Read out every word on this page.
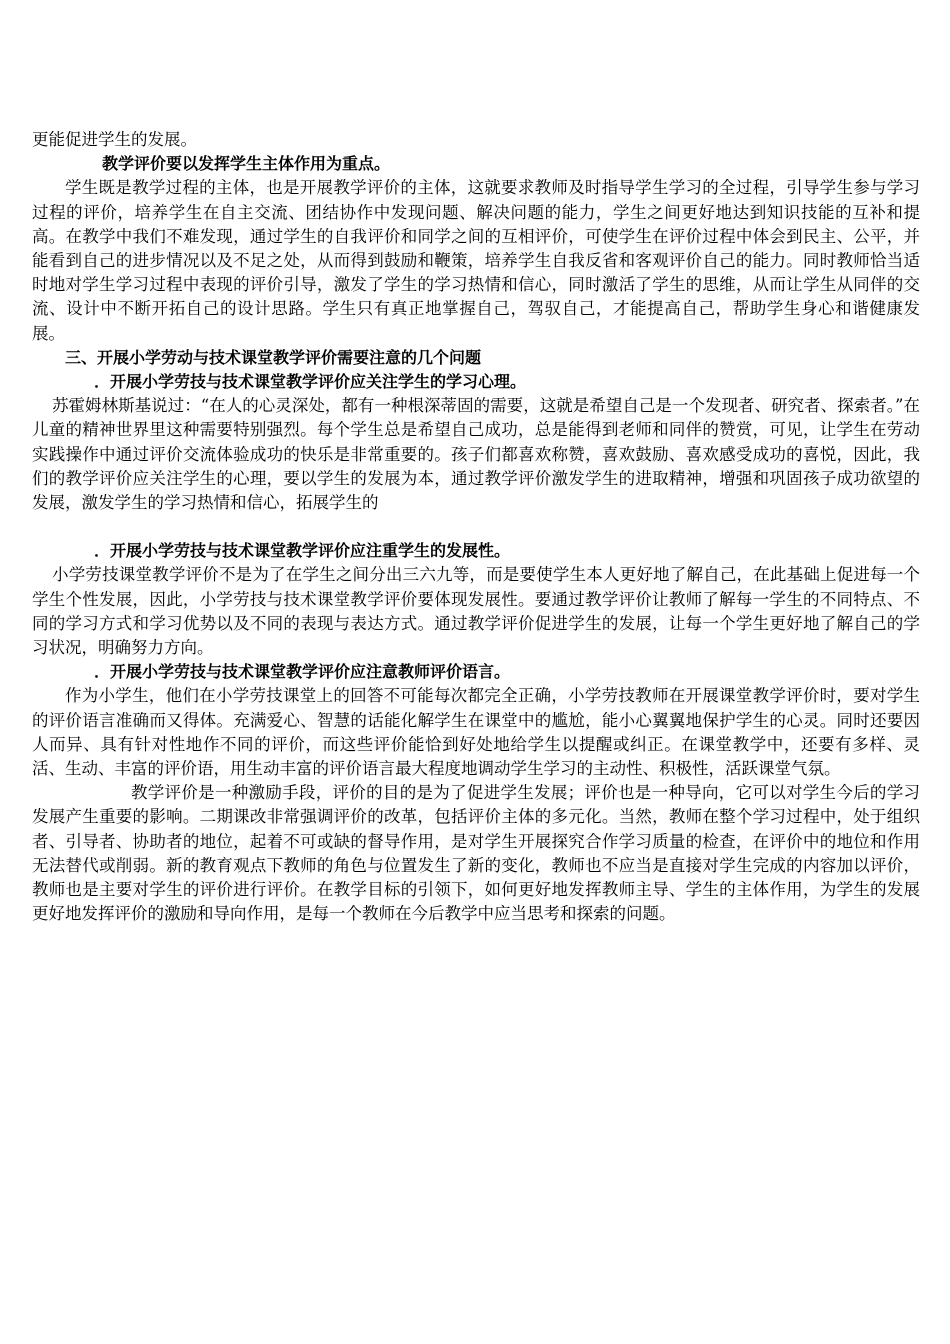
更能促进学生的发展。

教学评价要以发挥学生主体作用为重点。

学生既是教学过程的主体，也是开展教学评价的主体，这就要求教师及时指导学生学习的全过程，引导学生参与学习过程的评价，培养学生在自主交流、团结协作中发现问题、解决问题的能力，学生之间更好地达到知识技能的互补和提高。在教学中我们不难发现，通过学生的自我评价和同学之间的互相评价，可使学生在评价过程中体会到民主、公平，并能看到自己的进步情况以及不足之处，从而得到鼓励和鞭策，培养学生自我反省和客观评价自己的能力。同时教师恰当适时地对学生学习过程中表现的评价引导，激发了学生的学习热情和信心，同时激活了学生的思维，从而让学生从同伴的交流、设计中不断开拓自己的设计思路。学生只有真正地掌握自己，驾驭自己，才能提高自己，帮助学生身心和谐健康发展。

三、开展小学劳动与技术课堂教学评价需要注意的几个问题

．开展小学劳技与技术课堂教学评价应关注学生的学习心理。

苏霍姆林斯基说过：“在人的心灵深处，都有一种根深蒂固的需要，这就是希望自己是一个发现者、研究者、探索者。”在儿童的精神世界里这种需要特别强烈。每个学生总是希望自己成功，总是能得到老师和同伴的赞赏，可见，让学生在劳动实践操作中通过评价交流体验成功的快乐是非常重要的。孩子们都喜欢称赞，喜欢鼓励、喜欢感受成功的喜悦，因此，我们的教学评价应关注学生的心理，要以学生的发展为本，通过教学评价激发学生的进取精神，增强和巩固孩子成功欲望的发展，激发学生的学习热情和信心，拓展学生的

．开展小学劳技与技术课堂教学评价应注重学生的发展性。

小学劳技课堂教学评价不是为了在学生之间分出三六九等，而是要使学生本人更好地了解自己，在此基础上促进每一个学生个性发展，因此，小学劳技与技术课堂教学评价要体现发展性。要通过教学评价让教师了解每一学生的不同特点、不同的学习方式和学习优势以及不同的表现与表达方式。通过教学评价促进学生的发展，让每一个学生更好地了解自己的学习状况，明确努力方向。

．开展小学劳技与技术课堂教学评价应注意教师评价语言。

作为小学生，他们在小学劳技课堂上的回答不可能每次都完全正确，小学劳技教师在开展课堂教学评价时，要对学生的评价语言准确而又得体。充满爱心、智慧的话能化解学生在课堂中的尴尬，能小心翼翼地保护学生的心灵。同时还要因人而异、具有针对性地作不同的评价，而这些评价能恰到好处地给学生以提醒或纠正。在课堂教学中，还要有多样、灵活、生动、丰富的评价语，用生动丰富的评价语言最大程度地调动学生学习的主动性、积极性，活跃课堂气氛。

教学评价是一种激励手段，评价的目的是为了促进学生发展；评价也是一种导向，它可以对学生今后的学习发展产生重要的影响。二期课改非常强调评价的改革，包括评价主体的多元化。当然，教师在整个学习过程中，处于组织者、引导者、协助者的地位，起着不可或缺的督导作用，是对学生开展探究合作学习质量的检查，在评价中的地位和作用无法替代或削弱。新的教育观点下教师的角色与位置发生了新的变化，教师也不应当是直接对学生完成的内容加以评价，教师也是主要对学生的评价进行评价。在教学目标的引领下，如何更好地发挥教师主导、学生的主体作用，为学生的发展更好地发挥评价的激励和导向作用，是每一个教师在今后教学中应当思考和探索的问题。
